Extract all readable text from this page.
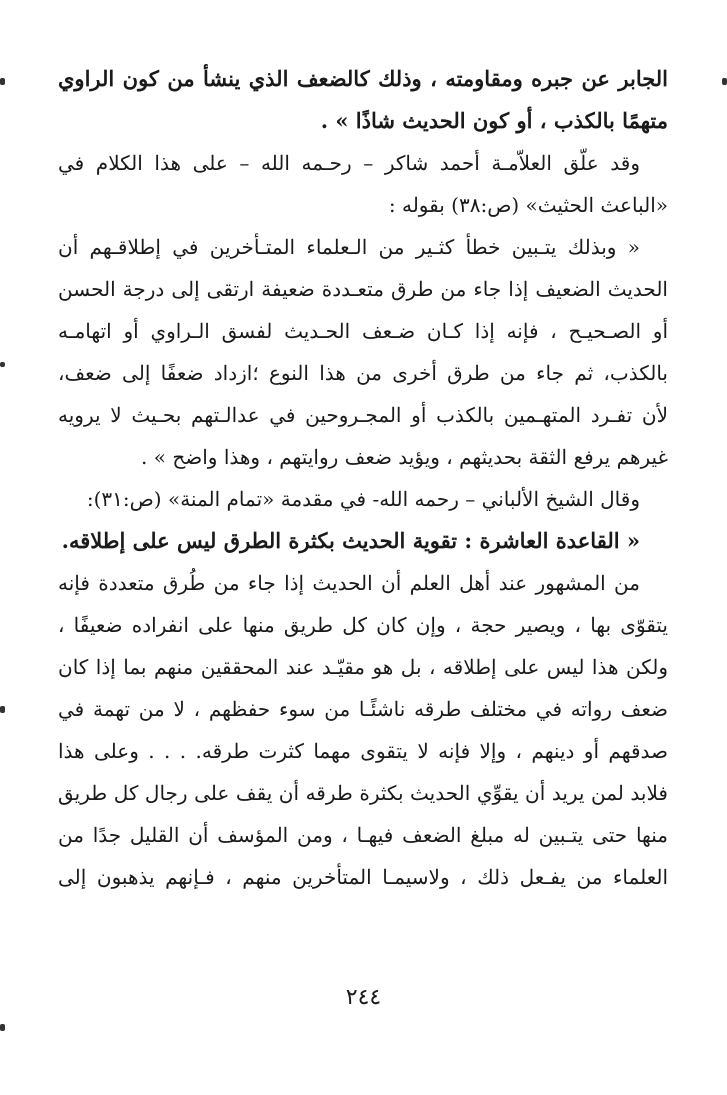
الجابر عن جبره ومقاومته ، وذلك كالضعف الذي ينشأ من كون الراوي
متهمًا بالكذب ، أو كون الحديث شاذًا » .
وقد علّق العلاّمـة أحمد شاكر – رحـمه الله – على هذا الكلام في
«الباعث الحثيث» (ص:٣٨) بقوله :
« وبذلك يتـبين خطأ كثـير من الـعلماء المتـأخرين في إطلاقـهم أن
الحديث الضعيف إذا جاء من طرق متعـددة ضعيفة ارتقى إلى درجة الحسن
أو الصـحيـح ، فإنه إذا كـان ضـعف الحـديث لفسق الـراوي أو اتهامـه
بالكذب، ثم جاء من طرق أخرى من هذا النوع ؛ازداد ضعفًا إلى ضعف،
لأن تفـرد المتهـمين بالكذب أو المجـروحين في عدالـتهم بحـيث لا يرويه
غيرهم يرفع الثقة بحديثهم ، ويؤيد ضعف روايتهم ، وهذا واضح » .
وقال الشيخ الألباني – رحمه الله- في مقدمة «تمام المنة» (ص:٣١):
« القاعدة العاشرة : تقوية الحديث بكثرة الطرق ليس على إطلاقه.
من المشهور عند أهل العلم أن الحديث إذا جاء من طُرق متعددة فإنه
يتقوّى بها ، ويصير حجة ، وإن كان كل طريق منها على انفراده ضعيفًا ،
ولكن هذا ليس على إطلاقه ، بل هو مقيّـد عند المحققين منهم بما إذا كان
ضعف رواته في مختلف طرقه ناشئًـا من سوء حفظهم ، لا من تهمة في
صدقهم أو دينهم ، وإلا فإنه لا يتقوى مهما كثرت طرقه. . . . وعلى هذا
فلابد لمن يريد أن يقوِّي الحديث بكثرة طرقه أن يقف على رجال كل طريق
منها حتى يتـبين له مبلغ الضعف فيهـا ، ومن المؤسف أن القليل جدًا من
العلماء من يفـعل ذلك ، ولاسيمـا المتأخرين منهم ، فـإنهم يذهبون إلى
٢٤٤
